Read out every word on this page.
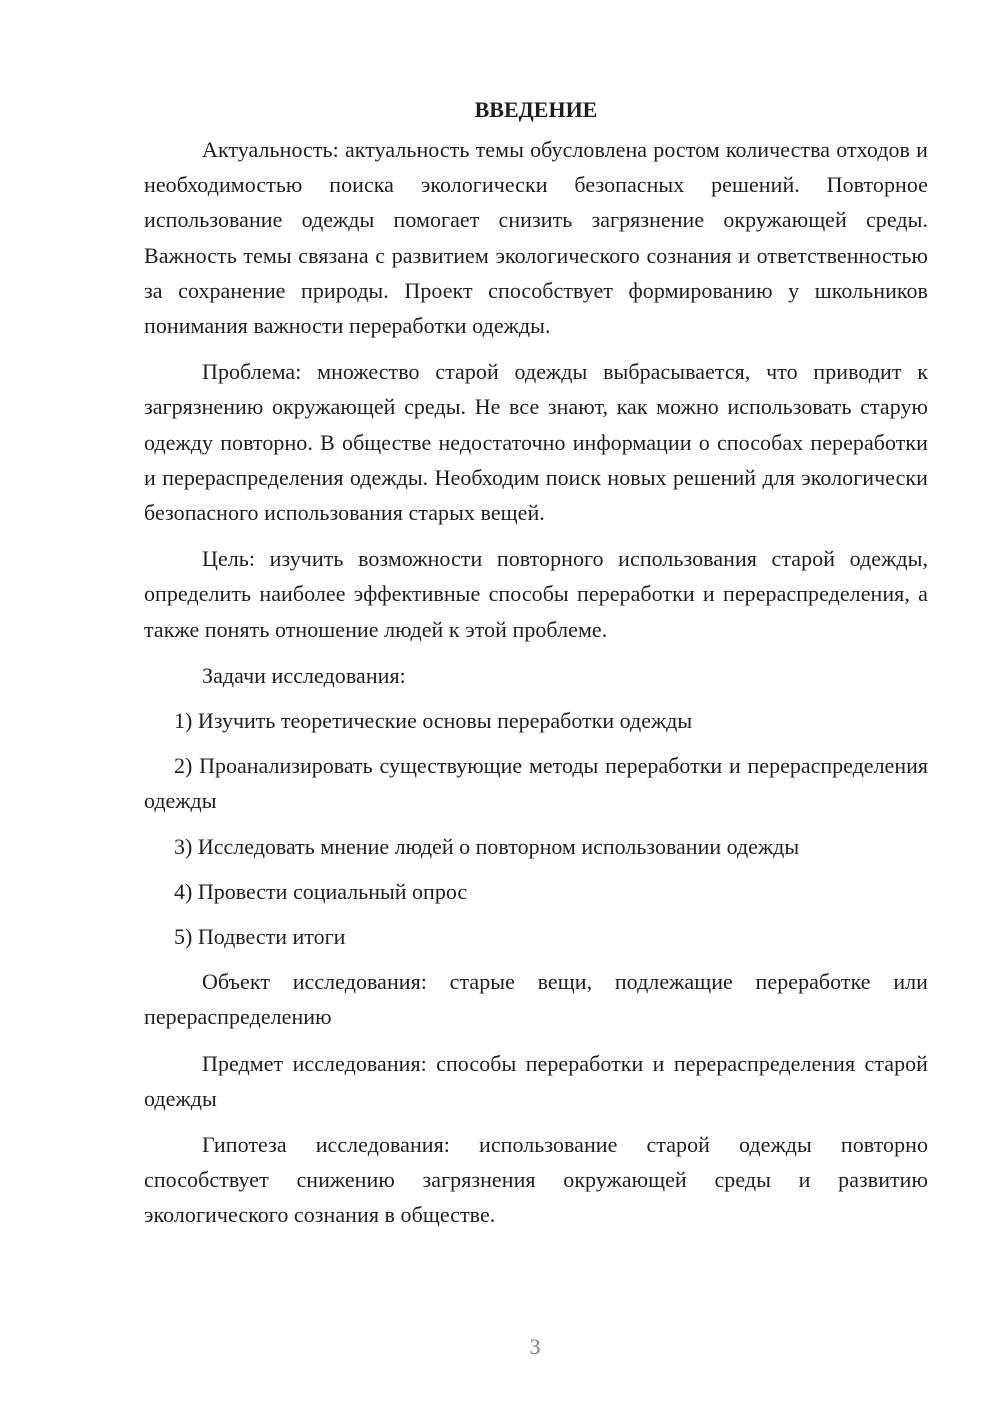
ВВЕДЕНИЕ

Актуальность: актуальность темы обусловлена ростом количества отходов и необходимостью поиска экологически безопасных решений. Повторное использование одежды помогает снизить загрязнение окружающей среды. Важность темы связана с развитием экологического сознания и ответственностью за сохранение природы. Проект способствует формированию у школьников понимания важности переработки одежды.

Проблема: множество старой одежды выбрасывается, что приводит к загрязнению окружающей среды. Не все знают, как можно использовать старую одежду повторно. В обществе недостаточно информации о способах переработки и перераспределения одежды. Необходим поиск новых решений для экологически безопасного использования старых вещей.

Цель: изучить возможности повторного использования старой одежды, определить наиболее эффективные способы переработки и перераспределения, а также понять отношение людей к этой проблеме.

Задачи исследования:

1) Изучить теоретические основы переработки одежды

2) Проанализировать существующие методы переработки и перераспределения одежды

3) Исследовать мнение людей о повторном использовании одежды

4) Провести социальный опрос

5) Подвести итоги

Объект исследования: старые вещи, подлежащие переработке или перераспределению

Предмет исследования: способы переработки и перераспределения старой одежды

Гипотеза исследования: использование старой одежды повторно способствует снижению загрязнения окружающей среды и развитию экологического сознания в обществе.

3
